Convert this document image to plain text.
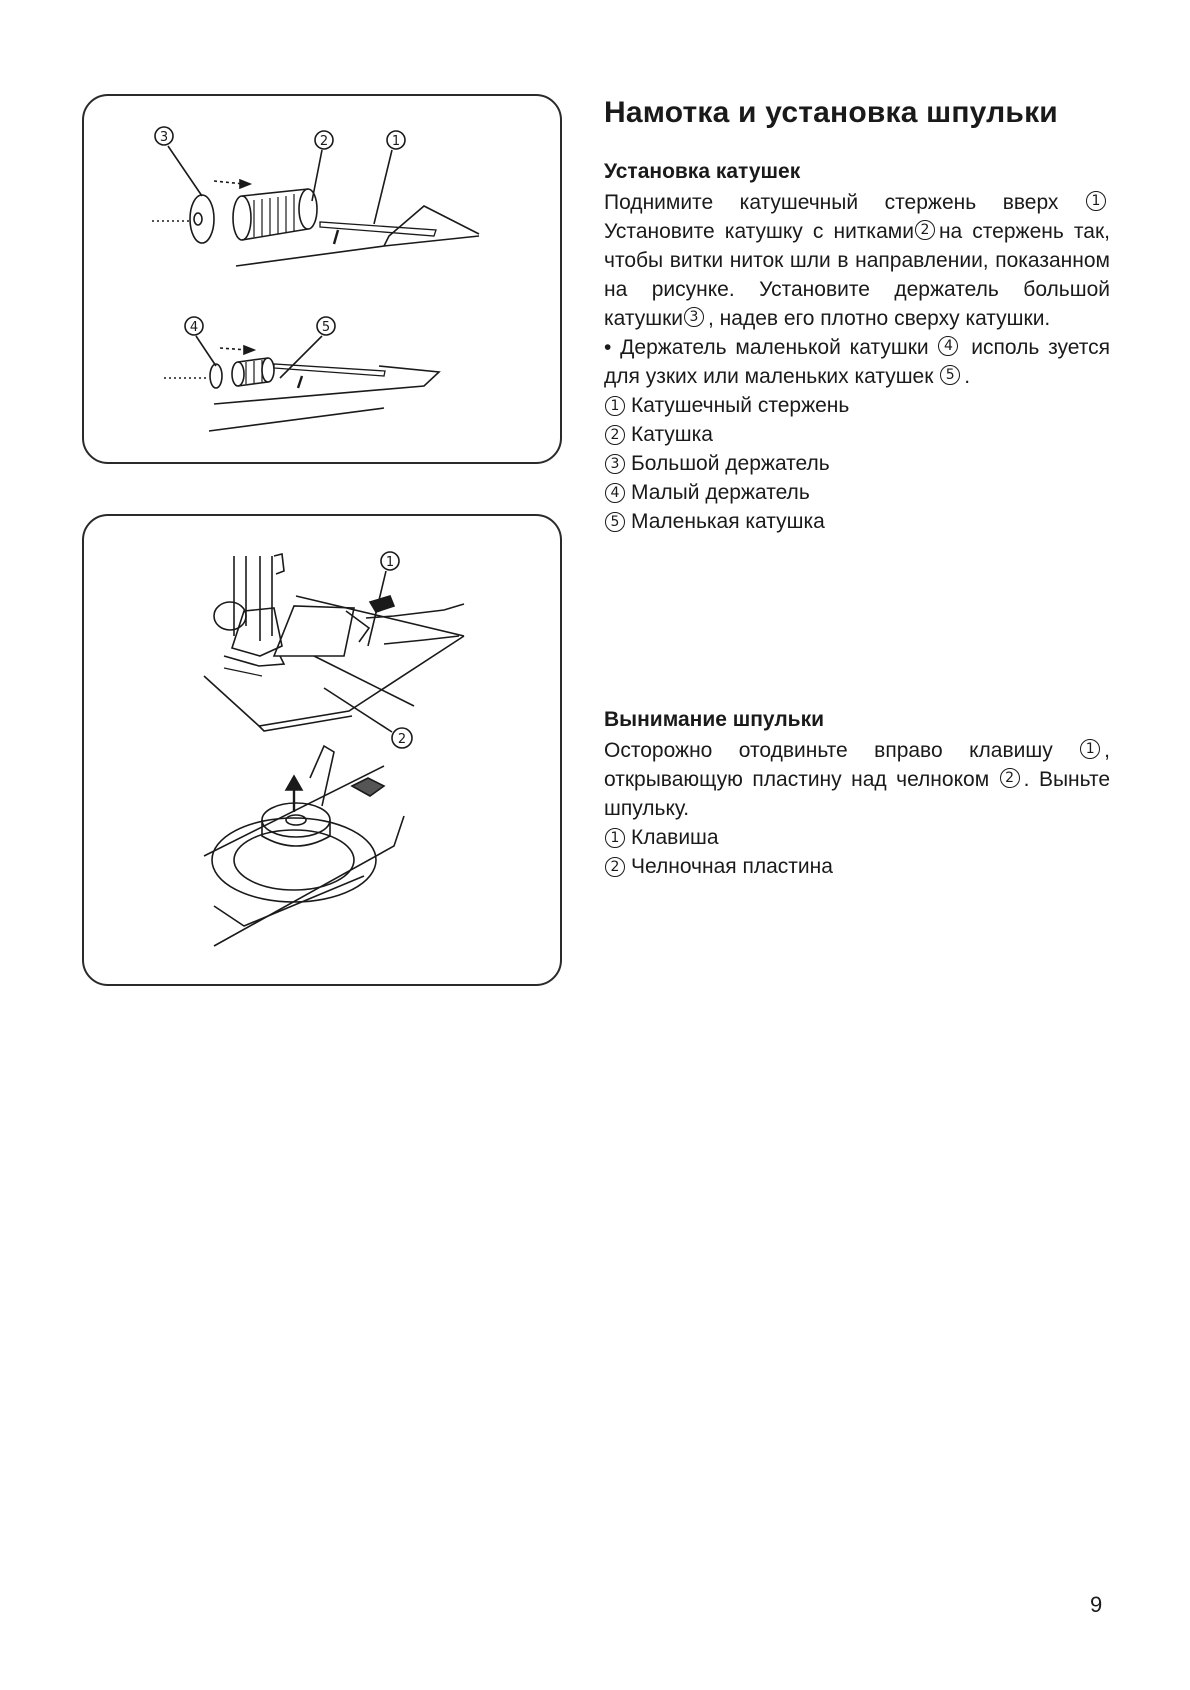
3	2	1
4	5
1
2
Намотка и установка шпульки
Установка катушек

Поднимите катушечный стержень вверх 1 Установите катушку с нитками 2 на стержень так, чтобы витки ниток шли в направлении, показанном на рисунке. Установите держатель большой катушки 3 , надев его плотно сверху катушки.

• Держатель маленькой катушки 4 исполь зуется для узких или маленьких катушек 5 .

1 Катушечный стержень
2 Катушка
3 Большой держатель
4 Малый держатель
5 Маленькая катушка
Вынимание шпульки

Осторожно отодвиньте вправо клавишу 1 , открывающую пластину над челноком 2 . Выньте шпульку.

1 Клавиша
2 Челночная пластина
9
